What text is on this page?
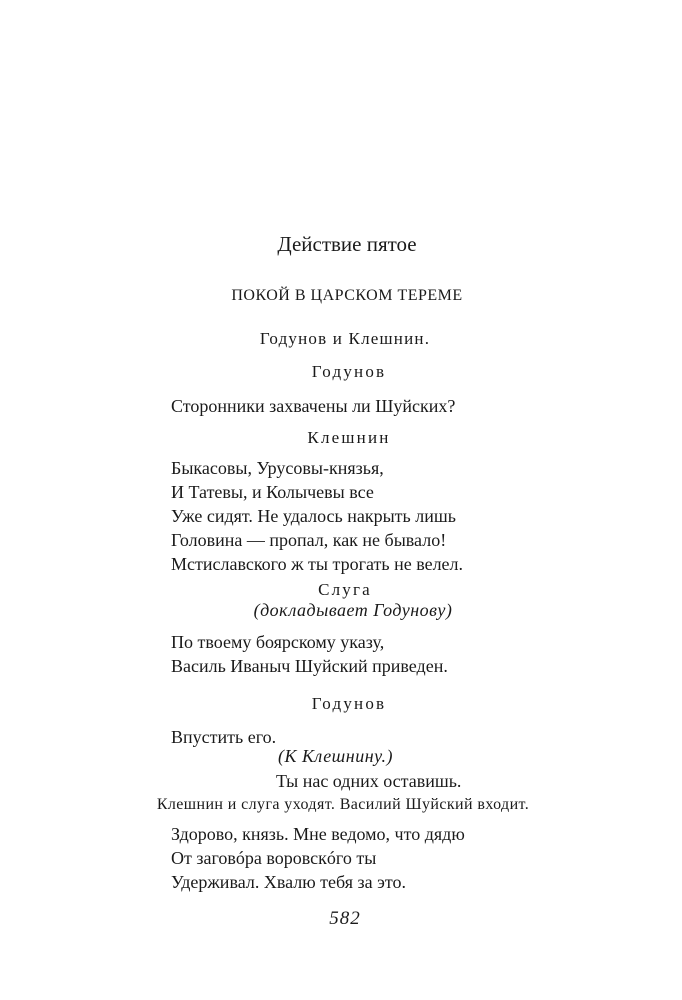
Действие пятое
ПОКОЙ В ЦАРСКОМ ТЕРЕМЕ
Годунов и Клешнин.
Годунов
Сторонники захвачены ли Шуйских?
Клешнин
Быкасовы, Урусовы-князья,
И Татевы, и Колычевы все
Уже сидят. Не удалось накрыть лишь
Головина — пропал, как не бывало!
Мстиславского ж ты трогать не велел.
Слуга
(докладывает Годунову)
По твоему боярскому указу,
Василь Иваныч Шуйский приведен.
Годунов
Впустить его.
(К Клешнину.)
Ты нас одних оставишь.
Клешнин и слуга уходят. Василий Шуйский входит.
Здорово, князь. Мне ведомо, что дядю
От заговóра воровскóго ты
Удерживал. Хвалю тебя за это.
582
